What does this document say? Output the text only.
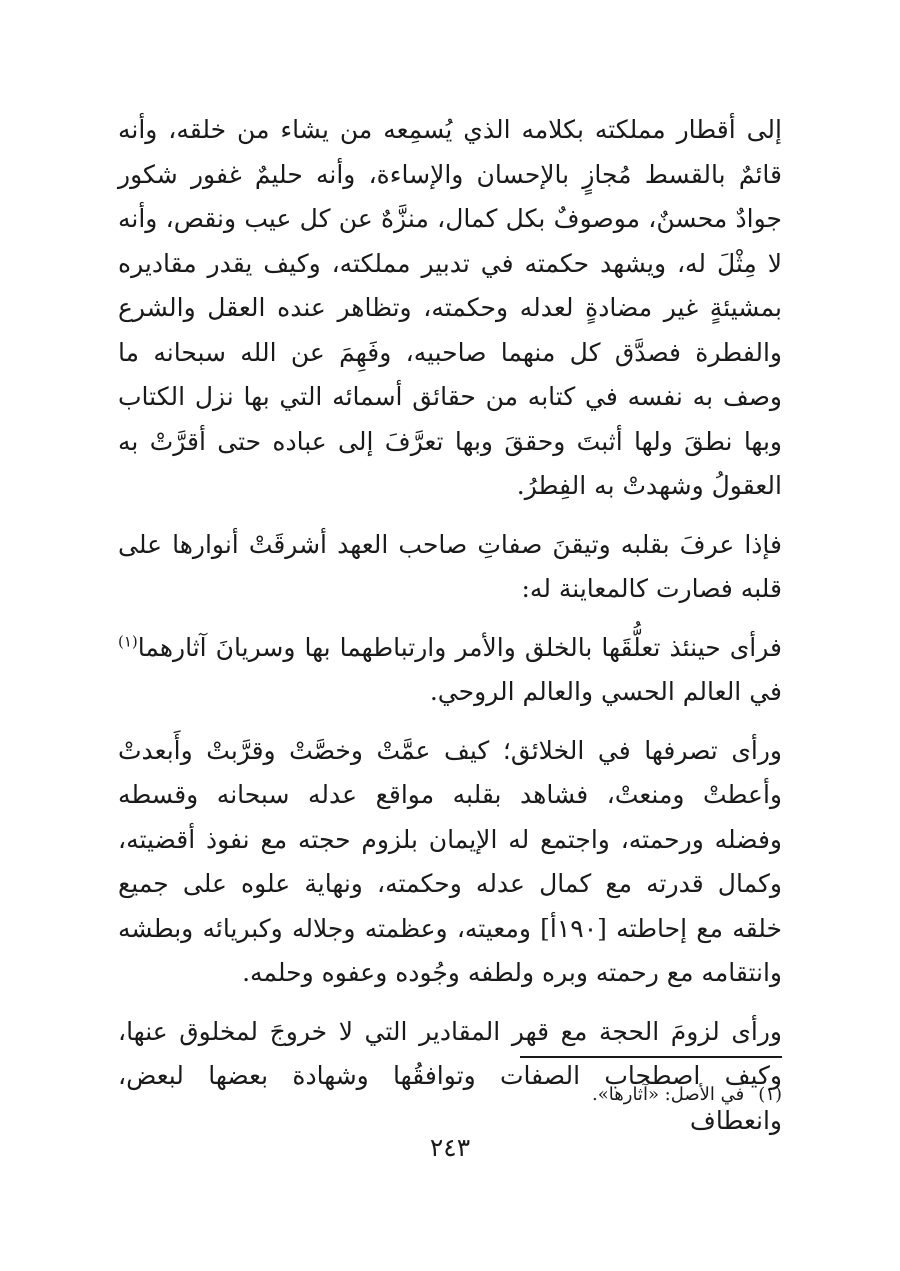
إلى أقطار مملكته بكلامه الذي يُسمِعه من يشاء من خلقه، وأنه قائمٌ بالقسط مُجازٍ بالإحسان والإساءة، وأنه حليمٌ غفور شكور جوادٌ محسنٌ، موصوفٌ بكل كمال، منزَّهٌ عن كل عيب ونقص، وأنه لا مِثْلَ له، ويشهد حكمته في تدبير مملكته، وكيف يقدر مقاديره بمشيئةٍ غير مضادةٍ لعدله وحكمته، وتظاهر عنده العقل والشرع والفطرة فصدَّق كل منهما صاحبيه، وفَهِمَ عن الله سبحانه ما وصف به نفسه في كتابه من حقائق أسمائه التي بها نزل الكتاب وبها نطقَ ولها أثبتَ وحققَ وبها تعرَّفَ إلى عباده حتى أقرَّتْ به العقولُ وشهدتْ به الفِطرُ.

فإذا عرفَ بقلبه وتيقنَ صفاتِ صاحب العهد أشرقَتْ أنوارها على قلبه فصارت كالمعاينة له:

فرأى حينئذ تعلُّقَها بالخلق والأمر وارتباطهما بها وسريانَ آثارهما$^{(١)}$ في العالم الحسي والعالم الروحي.

ورأى تصرفها في الخلائق؛ كيف عمَّتْ وخصَّتْ وقرَّبتْ وأَبعدتْ وأعطتْ ومنعتْ، فشاهد بقلبه مواقع عدله سبحانه وقسطه وفضله ورحمته، واجتمع له الإيمان بلزوم حجته مع نفوذ أقضيته، وكمال قدرته مع كمال عدله وحكمته، ونهاية علوه على جميع خلقه مع إحاطته [١٩٠أ] ومعيته، وعظمته وجلاله وكبريائه وبطشه وانتقامه مع رحمته وبره ولطفه وجُوده وعفوه وحلمه.

ورأى لزومَ الحجة مع قهر المقادير التي لا خروجَ لمخلوق عنها، وكيف اصطحاب الصفات وتوافقُها وشهادة بعضها لبعض، وانعطاف

(١)في الأصل: «آثارها».
٢٤٣
